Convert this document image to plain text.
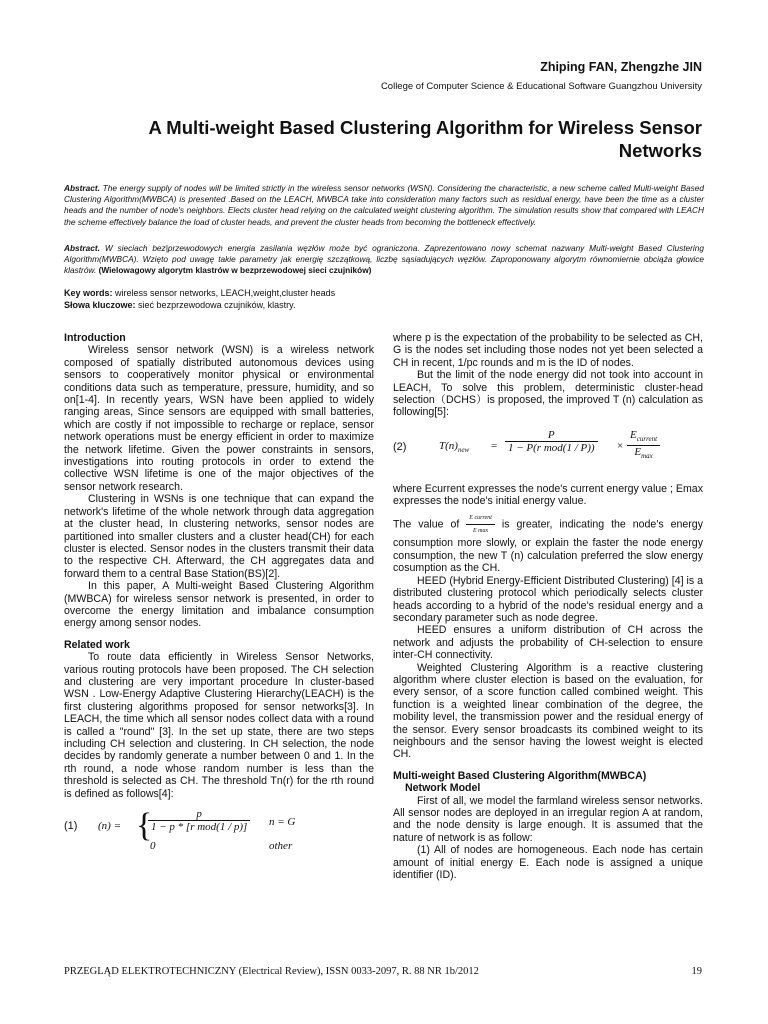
Zhiping FAN, Zhengzhe JIN
College of Computer Science & Educational Software Guangzhou University
A Multi-weight Based Clustering Algorithm for Wireless Sensor Networks
Abstract. The energy supply of nodes will be limited strictly in the wireless sensor networks (WSN). Considering the characteristic, a new scheme called Multi-weight Based Clustering Algorithm(MWBCA) is presented .Based on the LEACH, MWBCA take into consideration many factors such as residual energy, have been the time as a cluster heads and the number of node's neighbors. Elects cluster head relying on the calculated weight clustering algorithm. The simulation results show that compared with LEACH the scheme effectively balance the load of cluster heads, and prevent the cluster heads from becoming the bottleneck effectively.
Abstract. W sieciach bez|przewodowych energia zasilania węzłów może być ograniczona. Zaprezentowano nowy schemat nazwany Multi-weight Based Clustering Algorithm(MWBCA). Wzięto pod uwagę takie parametry jak energię szczątkową, liczbę sąsiadujących węzłów. Zaproponowany algorytm równomiernie obciąża głowice klastrów. (Wielowagowy algorytm klastrów w bezprzewodowej sieci czujników)
Key words: wireless sensor networks, LEACH,weight,cluster heads
Słowa kluczowe: sieć bezprzewodowa czujników, klastry.
Introduction

Wireless sensor network (WSN) is a wireless network composed of spatially distributed autonomous devices using sensors to cooperatively monitor physical or environmental conditions data such as temperature, pressure, humidity, and so on[1-4]. In recently years, WSN have been applied to widely ranging areas, Since sensors are equipped with small batteries, which are costly if not impossible to recharge or replace, sensor network operations must be energy efficient in order to maximize the network lifetime. Given the power constraints in sensors, investigations into routing protocols in order to extend the collective WSN lifetime is one of the major objectives of the sensor network research.

Clustering in WSNs is one technique that can expand the network's lifetime of the whole network through data aggregation at the cluster head, In clustering networks, sensor nodes are partitioned into smaller clusters and a cluster head(CH) for each cluster is elected. Sensor nodes in the clusters transmit their data to the respective CH. Afterward, the CH aggregates data and forward them to a central Base Station(BS)[2].

In this paper, A Multi-weight Based Clustering Algorithm (MWBCA) for wireless sensor network is presented, in order to overcome the energy limitation and imbalance consumption energy among sensor nodes.

Related work

To route data efficiently in Wireless Sensor Networks, various routing protocols have been proposed. The CH selection and clustering are very important procedure In cluster-based WSN . Low-Energy Adaptive Clustering Hierarchy(LEACH) is the first clustering algorithms proposed for sensor networks[3]. In LEACH, the time which all sensor nodes collect data with a round is called a "round" [3]. In the set up state, there are two steps including CH selection and clustering. In CH selection, the node decides by randomly generate a number between 0 and 1. In the rth round, a node whose random number is less than the threshold is selected as CH. The threshold Tn(r) for the rth round is defined as follows[4]:

(1) (n) = {	p
1 − p * [r mod(1 / p)] n = G
0	other

where p is the expectation of the probability to be selected as CH, G is the nodes set including those nodes not yet been selected a CH in recent, 1/pc rounds and m is the ID of nodes.

But the limit of the node energy did not took into account in LEACH, To solve this problem, deterministic cluster-head selection（DCHS）is proposed, the improved T (n) calculation as following[5]:

(2)	$T(n)_{new}$ =
P
1 − P(r mod(1 / P)) ×
$E_{current}$
$E_{max}$

where Ecurrent expresses the node's current energy value ; Emax expresses the node's initial energy value.

The value of $\frac{\text{E current}}{\text{E max}}$ is greater, indicating the node's energy consumption more slowly, or explain the faster the node energy consumption, the new T (n) calculation preferred the slow energy cosumption as the CH.

HEED (Hybrid Energy-Efficient Distributed Clustering) [4] is a distributed clustering protocol which periodically selects cluster heads according to a hybrid of the node's residual energy and a secondary parameter such as node degree.

HEED ensures a uniform distribution of CH across the network and adjusts the probability of CH-selection to ensure inter-CH connectivity.

Weighted Clustering Algorithm is a reactive clustering algorithm where cluster election is based on the evaluation, for every sensor, of a score function called combined weight. This function is a weighted linear combination of the degree, the mobility level, the transmission power and the residual energy of the sensor. Every sensor broadcasts its combined weight to its neighbours and the sensor having the lowest weight is elected CH.

Multi-weight Based Clustering Algorithm(MWBCA)
Network Model

First of all, we model the farmland wireless sensor networks. All sensor nodes are deployed in an irregular region A at random, and the node density is large enough. It is assumed that the nature of network is as follow:

(1) All of nodes are homogeneous. Each node has certain amount of initial energy E. Each node is assigned a unique identifier (ID).

PRZEGLĄD ELEKTROTECHNICZNY (Electrical Review), ISSN 0033-2097, R. 88 NR 1b/2012	19
